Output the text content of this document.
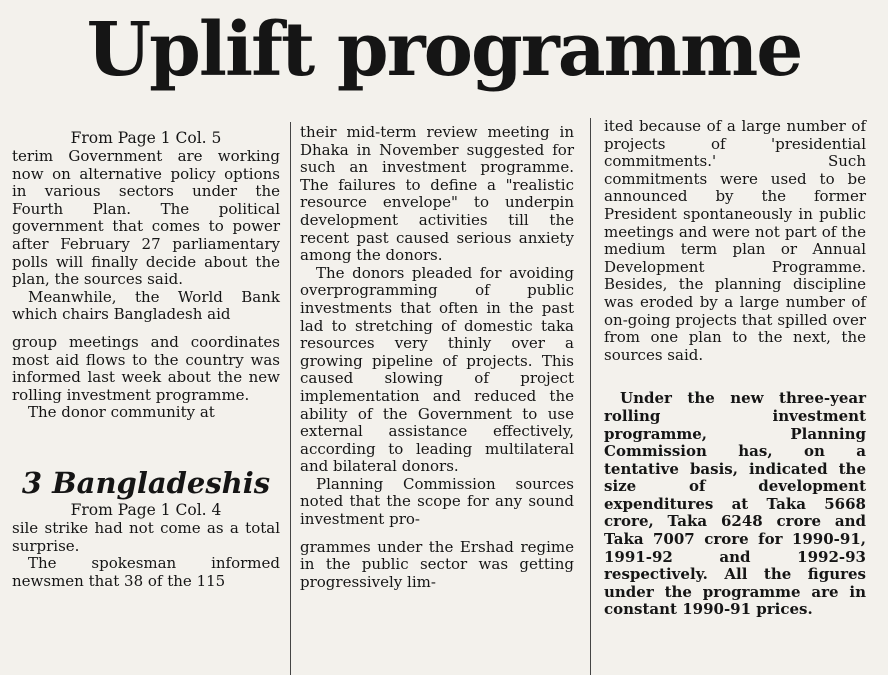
Uplift programme

From Page 1 Col. 5

terim Government are working now on alternative policy options in various sectors under the Fourth Plan. The political government that comes to power after February 27 parliamentary polls will finally decide about the plan, the sources said.

Meanwhile, the World Bank which chairs Bangladesh aid

group meetings and coordinates most aid flows to the country was informed last week about the new rolling investment programme.

The donor community at

3 Bangladeshis

From Page 1 Col. 4

sile strike had not come as a total surprise.

The spokesman informed newsmen that 38 of the 115

their mid-term review meeting in Dhaka in November suggested for such an investment programme. The failures to define a "realistic resource envelope" to underpin development activities till the recent past caused serious anxiety among the donors.

The donors pleaded for avoiding overprogramming of public investments that often in the past lad to stretching of domestic taka resources very thinly over a growing pipeline of projects. This caused slowing of project implementation and reduced the ability of the Government to use external assistance effectively, according to leading multilateral and bilateral donors.

Planning Commission sources noted that the scope for any sound investment pro-

grammes under the Ershad regime in the public sector was getting progressively lim-

ited because of a large number of projects of 'presidential commitments.' Such commitments were used to be announced by the former President spontaneously in public meetings and were not part of the medium term plan or Annual Development Programme. Besides, the planning discipline was eroded by a large number of on-going projects that spilled over from one plan to the next, the sources said.

Under the new three-year rolling investment programme, Planning Commission has, on a tentative basis, indicated the size of development expenditures at Taka 5668 crore, Taka 6248 crore and Taka 7007 crore for 1990-91, 1991-92 and 1992-93 respectively. All the figures under the programme are in constant 1990-91 prices.
